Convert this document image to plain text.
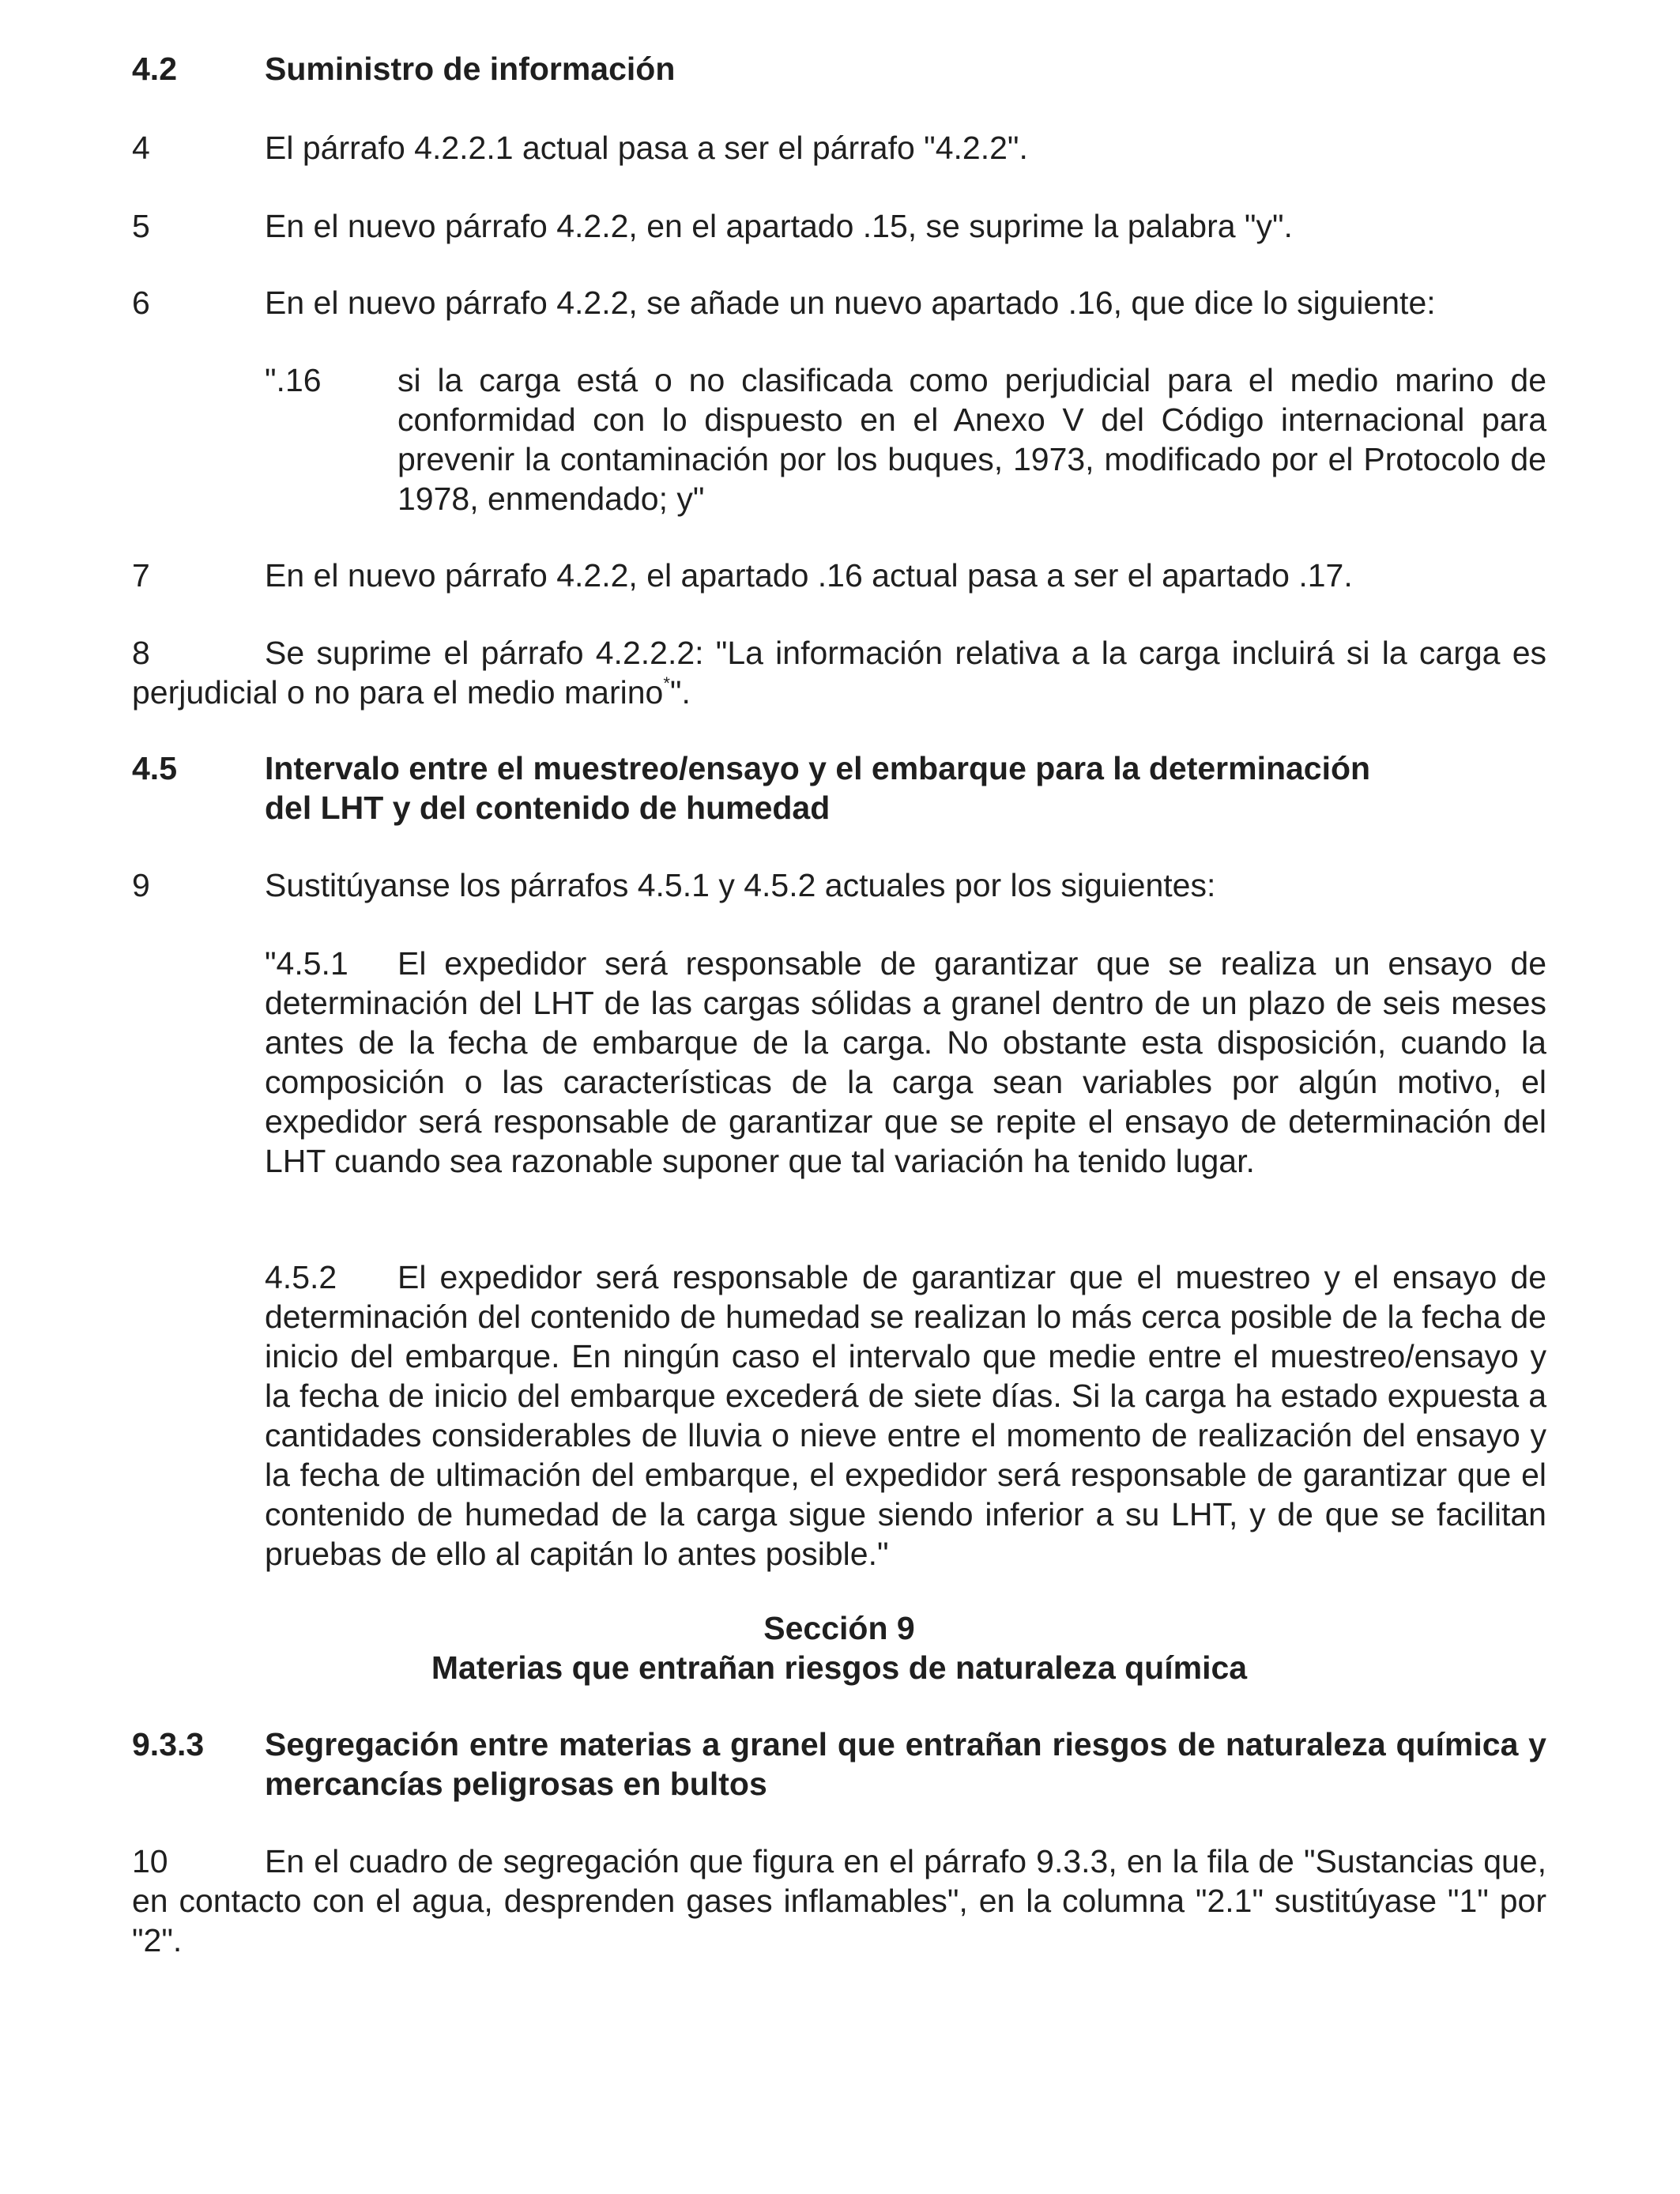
4.2	Suministro de información
4	El párrafo 4.2.2.1 actual pasa a ser el párrafo "4.2.2".
5	En el nuevo párrafo 4.2.2, en el apartado .15, se suprime la palabra "y".
6	En el nuevo párrafo 4.2.2, se añade un nuevo apartado .16, que dice lo siguiente:
".16 si la carga está o no clasificada como perjudicial para el medio marino de conformidad con lo dispuesto en el Anexo V del Código internacional para prevenir la contaminación por los buques, 1973, modificado por el Protocolo de 1978, enmendado; y"
7	En el nuevo párrafo 4.2.2, el apartado .16 actual pasa a ser el apartado .17.

8	Se suprime el párrafo 4.2.2.2: "La información relativa a la carga incluirá si la carga es perjudicial o no para el medio marino*".

4.5	Intervalo entre el muestreo/ensayo y el embarque para la determinación
del LHT y del contenido de humedad
9	Sustitúyanse los párrafos 4.5.1 y 4.5.2 actuales por los siguientes:

"4.5.1 El expedidor será responsable de garantizar que se realiza un ensayo de determinación del LHT de las cargas sólidas a granel dentro de un plazo de seis meses antes de la fecha de embarque de la carga. No obstante esta disposición, cuando la composición o las características de la carga sean variables por algún motivo, el expedidor será responsable de garantizar que se repite el ensayo de determinación del LHT cuando sea razonable suponer que tal variación ha tenido lugar.

4.5.2 El expedidor será responsable de garantizar que el muestreo y el ensayo de determinación del contenido de humedad se realizan lo más cerca posible de la fecha de inicio del embarque. En ningún caso el intervalo que medie entre el muestreo/ensayo y la fecha de inicio del embarque excederá de siete días. Si la carga ha estado expuesta a cantidades considerables de lluvia o nieve entre el momento de realización del ensayo y la fecha de ultimación del embarque, el expedidor será responsable de garantizar que el contenido de humedad de la carga sigue siendo inferior a su LHT, y de que se facilitan pruebas de ello al capitán lo antes posible."

Sección 9

Materias que entrañan riesgos de naturaleza química

9.3.3 Segregación entre materias a granel que entrañan riesgos de naturaleza química y mercancías peligrosas en bultos

10	En el cuadro de segregación que figura en el párrafo 9.3.3, en la fila de "Sustancias que, en contacto con el agua, desprenden gases inflamables", en la columna "2.1" sustitúyase "1" por "2".
